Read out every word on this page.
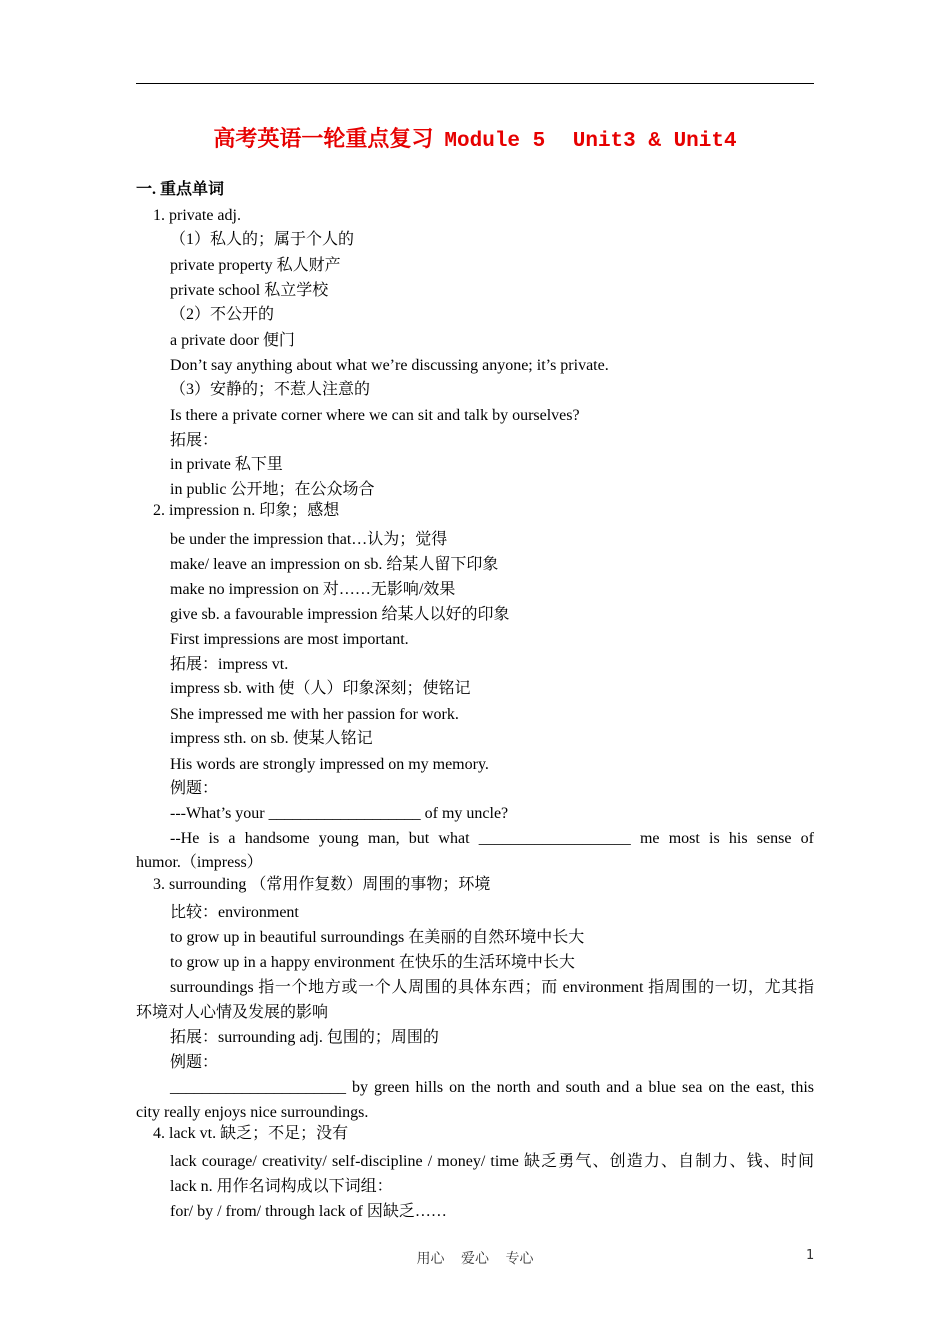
高考英语一轮重点复习 Module 5 Unit3 & Unit4
一. 重点单词
1. private adj.
（1）私人的；属于个人的
private property 私人财产
private school 私立学校
（2）不公开的
a private door 便门
Don’t say anything about what we’re discussing anyone; it’s private.
（3）安静的；不惹人注意的
Is there a private corner where we can sit and talk by ourselves?
拓展：
in private 私下里
in public 公开地；在公众场合
2. impression n. 印象；感想
be under the impression that…认为；觉得
make/ leave an impression on sb. 给某人留下印象
make no impression on 对……无影响/效果
give sb. a favourable impression 给某人以好的印象
First impressions are most important.
拓展：impress vt.
impress sb. with 使（人）印象深刻；使铭记
She impressed me with her passion for work.
impress sth. on sb. 使某人铭记
His words are strongly impressed on my memory.
例题：
---What’s your ___________________ of my uncle?
--He is a handsome young man, but what ___________________ me most is his sense of
humor.（impress）
3. surrounding （常用作复数）周围的事物；环境
比较：environment
to grow up in beautiful surroundings 在美丽的自然环境中长大
to grow up in a happy environment 在快乐的生活环境中长大
surroundings 指一个地方或一个人周围的具体东西；而 environment 指周围的一切，尤其指
环境对人心情及发展的影响
拓展：surrounding adj. 包围的；周围的
例题：
______________________ by green hills on the north and south and a blue sea on the east, this
city really enjoys nice surroundings.
4. lack vt. 缺乏；不足；没有
lack courage/ creativity/ self-discipline / money/ time 缺乏勇气、创造力、自制力、钱、时间
lack n. 用作名词构成以下词组：
for/ by / from/ through lack of 因缺乏……
用心 爱心 专心	1
